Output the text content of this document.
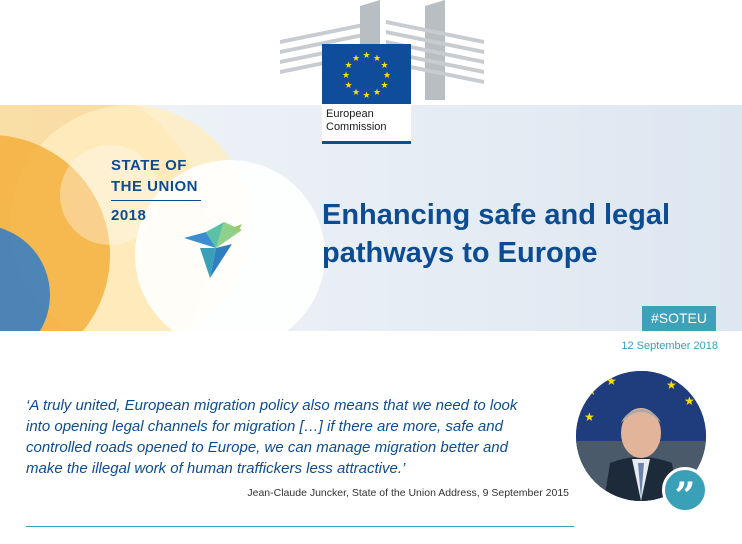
★ ★
★
★
★
★
★
★
★
★
★
★
European
Commission
STATE OF
THE UNION
2018	Enhancing safe and legal
pathways to Europe
#SOTEU
12 September 2018
‘A truly united, European migration policy also means that we need to look
into opening legal channels for migration […] if there are more, safe and
controlled roads opened to Europe, we can manage migration better and
make the illegal work of human traffickers less attractive.’
Jean-Claude Juncker, State of the Union Address, 9 September 2015
★
★	★
★
★
”
